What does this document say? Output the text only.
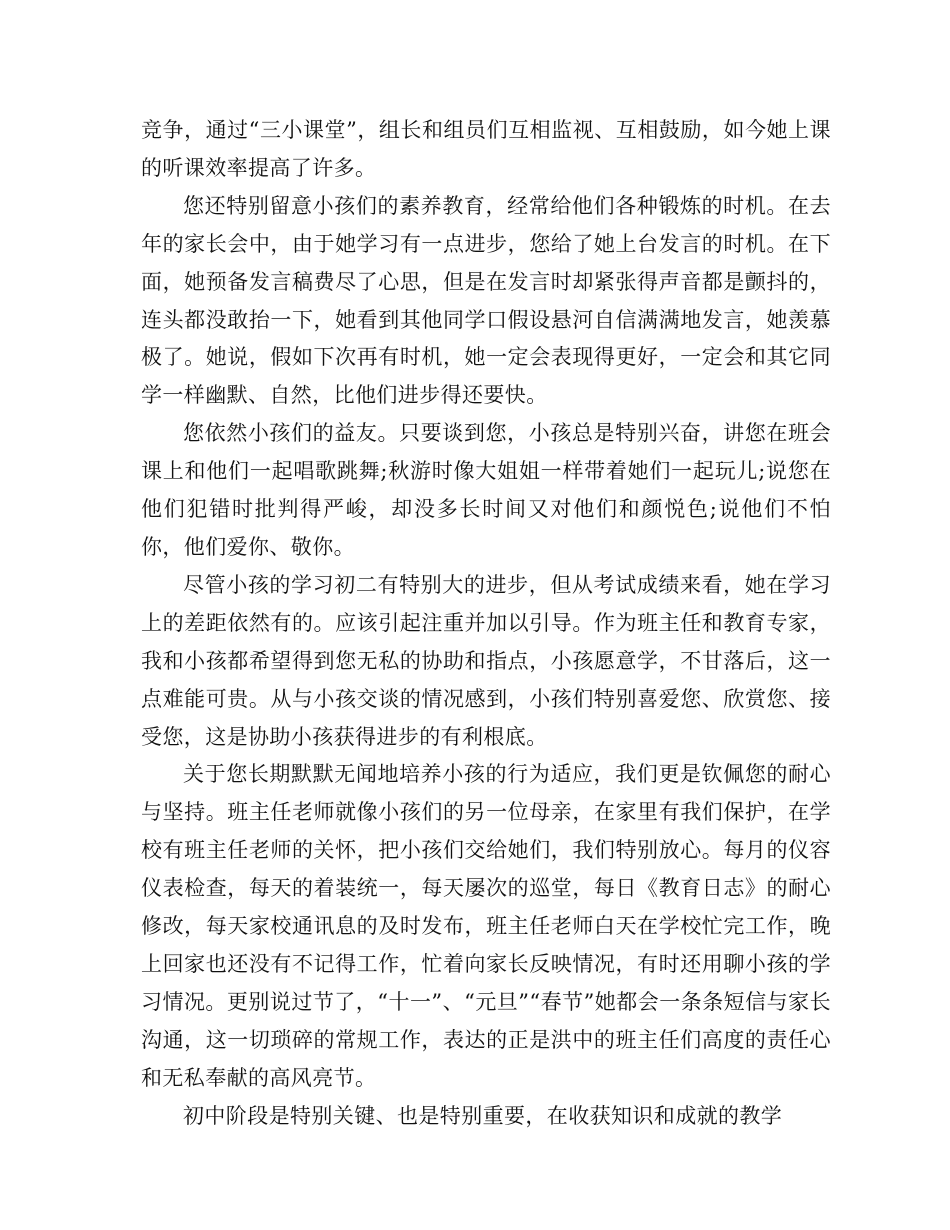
竞争，通过“三小课堂”，组长和组员们互相监视、互相鼓励，如今她上课的听课效率提高了许多。

您还特别留意小孩们的素养教育，经常给他们各种锻炼的时机。在去年的家长会中，由于她学习有一点进步，您给了她上台发言的时机。在下面，她预备发言稿费尽了心思，但是在发言时却紧张得声音都是颤抖的，连头都没敢抬一下，她看到其他同学口假设悬河自信满满地发言，她羡慕极了。她说，假如下次再有时机，她一定会表现得更好，一定会和其它同学一样幽默、自然，比他们进步得还要快。

您依然小孩们的益友。只要谈到您，小孩总是特别兴奋，讲您在班会课上和他们一起唱歌跳舞;秋游时像大姐姐一样带着她们一起玩儿;说您在他们犯错时批判得严峻，却没多长时间又对他们和颜悦色;说他们不怕你，他们爱你、敬你。

尽管小孩的学习初二有特别大的进步，但从考试成绩来看，她在学习上的差距依然有的。应该引起注重并加以引导。作为班主任和教育专家，我和小孩都希望得到您无私的协助和指点，小孩愿意学，不甘落后，这一点难能可贵。从与小孩交谈的情况感到，小孩们特别喜爱您、欣赏您、接受您，这是协助小孩获得进步的有利根底。

关于您长期默默无闻地培养小孩的行为适应，我们更是钦佩您的耐心与坚持。班主任老师就像小孩们的另一位母亲，在家里有我们保护，在学校有班主任老师的关怀，把小孩们交给她们，我们特别放心。每月的仪容仪表检查，每天的着装统一，每天屡次的巡堂，每日《教育日志》的耐心修改，每天家校通讯息的及时发布，班主任老师白天在学校忙完工作，晚上回家也还没有不记得工作，忙着向家长反映情况，有时还用聊小孩的学习情况。更别说过节了，“十一”、“元旦”“春节”她都会一条条短信与家长沟通，这一切琐碎的常规工作，表达的正是洪中的班主任们高度的责任心和无私奉献的高风亮节。

初中阶段是特别关键、也是特别重要，在收获知识和成就的教学
